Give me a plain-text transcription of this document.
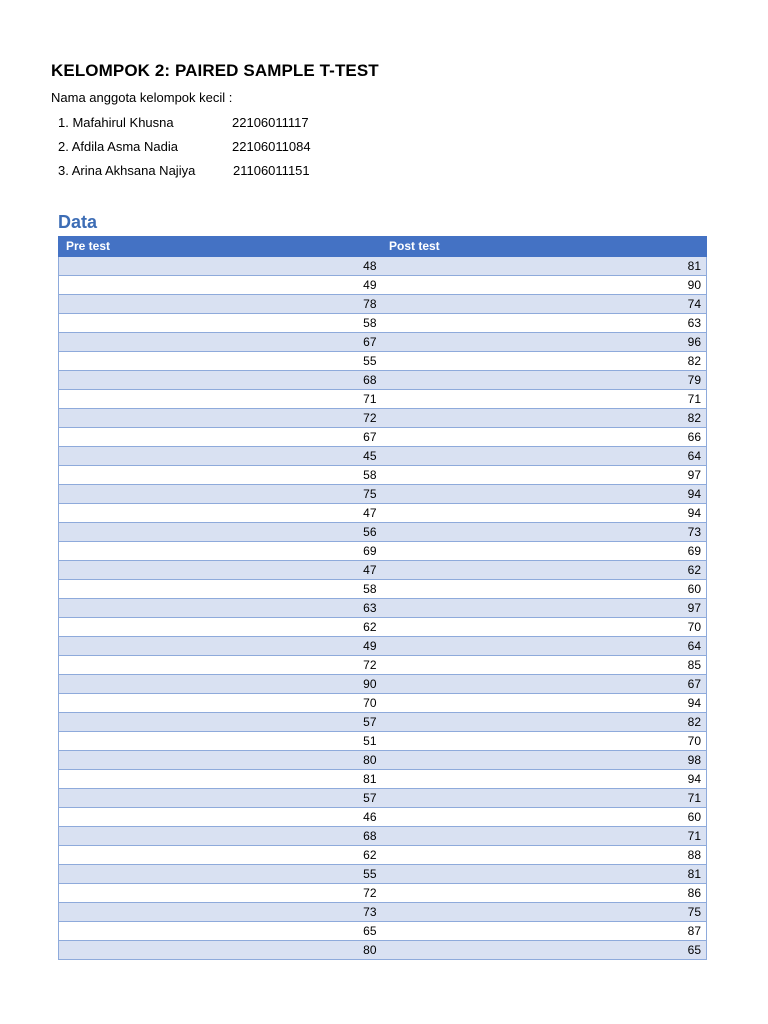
KELOMPOK 2: PAIRED SAMPLE T-TEST
Nama anggota kelompok kecil :
1. Mafahirul Khusna	22106011117
2. Afdila Asma Nadia	22106011084
3. Arina Akhsana Najiya	21106011151
Data
Pre test	Post test
48	81
49	90
78	74
58	63
67	96
55	82
68	79
71	71
72	82
67	66
45	64
58	97
75	94
47	94
56	73
69	69
47	62
58	60
63	97
62	70
49	64
72	85
90	67
70	94
57	82
51	70
80	98
81	94
57	71
46	60
68	71
62	88
55	81
72	86
73	75
65	87
80	65
